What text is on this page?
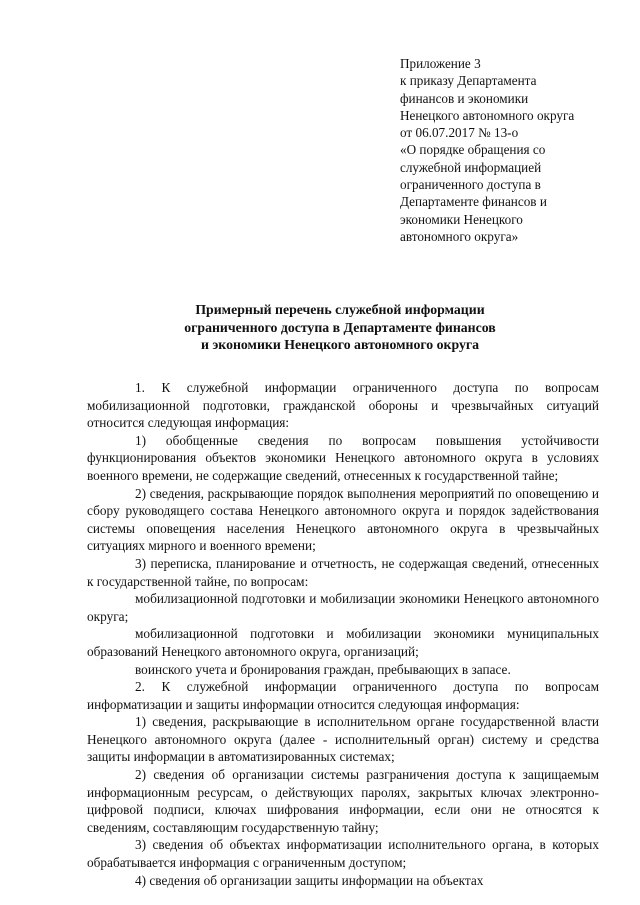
Приложение 3
к приказу Департамента
финансов и экономики
Ненецкого автономного округа
от 06.07.2017 № 13-о
«О порядке обращения со
служебной информацией
ограниченного доступа в
Департаменте финансов и
экономики Ненецкого
автономного округа»
Примерный перечень служебной информации
ограниченного доступа в Департаменте финансов
и экономики Ненецкого автономного округа

1. К служебной информации ограниченного доступа по вопросам мобилизационной подготовки, гражданской обороны и чрезвычайных ситуаций относится следующая информация:

1) обобщенные сведения по вопросам повышения устойчивости функционирования объектов экономики Ненецкого автономного округа в условиях военного времени, не содержащие сведений, отнесенных к государственной тайне;

2) сведения, раскрывающие порядок выполнения мероприятий по оповещению и сбору руководящего состава Ненецкого автономного округа и порядок задействования системы оповещения населения Ненецкого автономного округа в чрезвычайных ситуациях мирного и военного времени;

3) переписка, планирование и отчетность, не содержащая сведений, отнесенных к государственной тайне, по вопросам:

мобилизационной подготовки и мобилизации экономики Ненецкого автономного округа;

мобилизационной подготовки и мобилизации экономики муниципальных образований Ненецкого автономного округа, организаций;

воинского учета и бронирования граждан, пребывающих в запасе.

2. К служебной информации ограниченного доступа по вопросам информатизации и защиты информации относится следующая информация:

1) сведения, раскрывающие в исполнительном органе государственной власти Ненецкого автономного округа (далее - исполнительный орган) систему и средства защиты информации в автоматизированных системах;

2) сведения об организации системы разграничения доступа к защищаемым информационным ресурсам, о действующих паролях, закрытых ключах электронно-цифровой подписи, ключах шифрования информации, если они не относятся к сведениям, составляющим государственную тайну;

3) сведения об объектах информатизации исполнительного органа, в которых обрабатывается информация с ограниченным доступом;

4) сведения об организации защиты информации на объектах
